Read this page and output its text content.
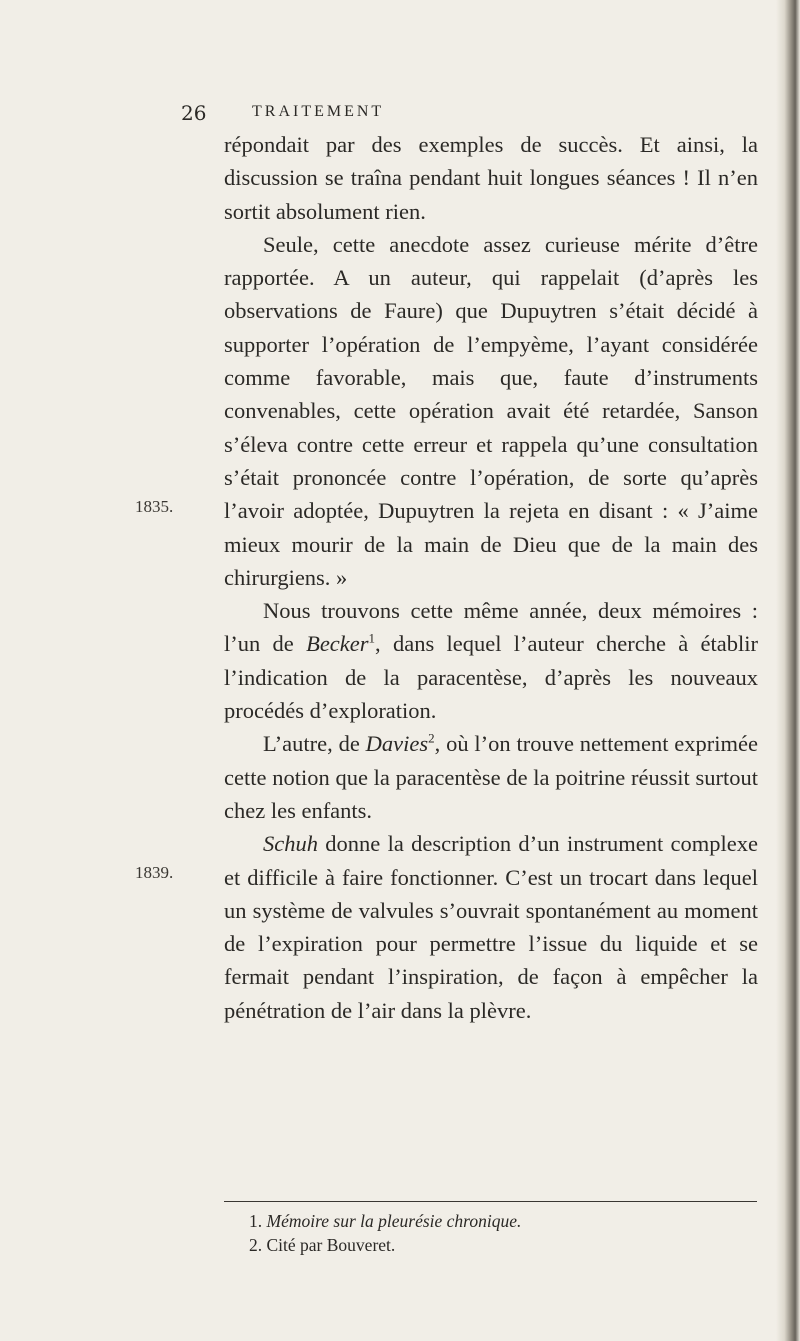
26	TRAITEMENT
1835.
1839.

répondait par des exemples de succès. Et ainsi, la discussion se traîna pendant huit longues séances ! Il n’en sortit absolument rien.

Seule, cette anecdote assez curieuse mérite d’être rapportée. A un auteur, qui rappelait (d’après les observations de Faure) que Dupuytren s’était décidé à supporter l’opération de l’empyème, l’ayant considérée comme favorable, mais que, faute d’instruments convenables, cette opération avait été retardée, Sanson s’éleva contre cette erreur et rappela qu’une consultation s’était prononcée contre l’opération, de sorte qu’après l’avoir adoptée, Dupuytren la rejeta en disant : « J’aime mieux mourir de la main de Dieu que de la main des chirurgiens. »

Nous trouvons cette même année, deux mémoires : l’un de Becker$^1$, dans lequel l’auteur cherche à établir l’indication de la paracentèse, d’après les nouveaux procédés d’exploration.

L’autre, de Davies$^2$, où l’on trouve nettement exprimée cette notion que la paracentèse de la poitrine réussit surtout chez les enfants.

Schuh donne la description d’un instrument complexe et difficile à faire fonctionner. C’est un trocart dans lequel un système de valvules s’ouvrait spontanément au moment de l’expiration pour permettre l’issue du liquide et se fermait pendant l’inspiration, de façon à empêcher la pénétration de l’air dans la plèvre.

1. Mémoire sur la pleurésie chronique.
2. Cité par Bouveret.
